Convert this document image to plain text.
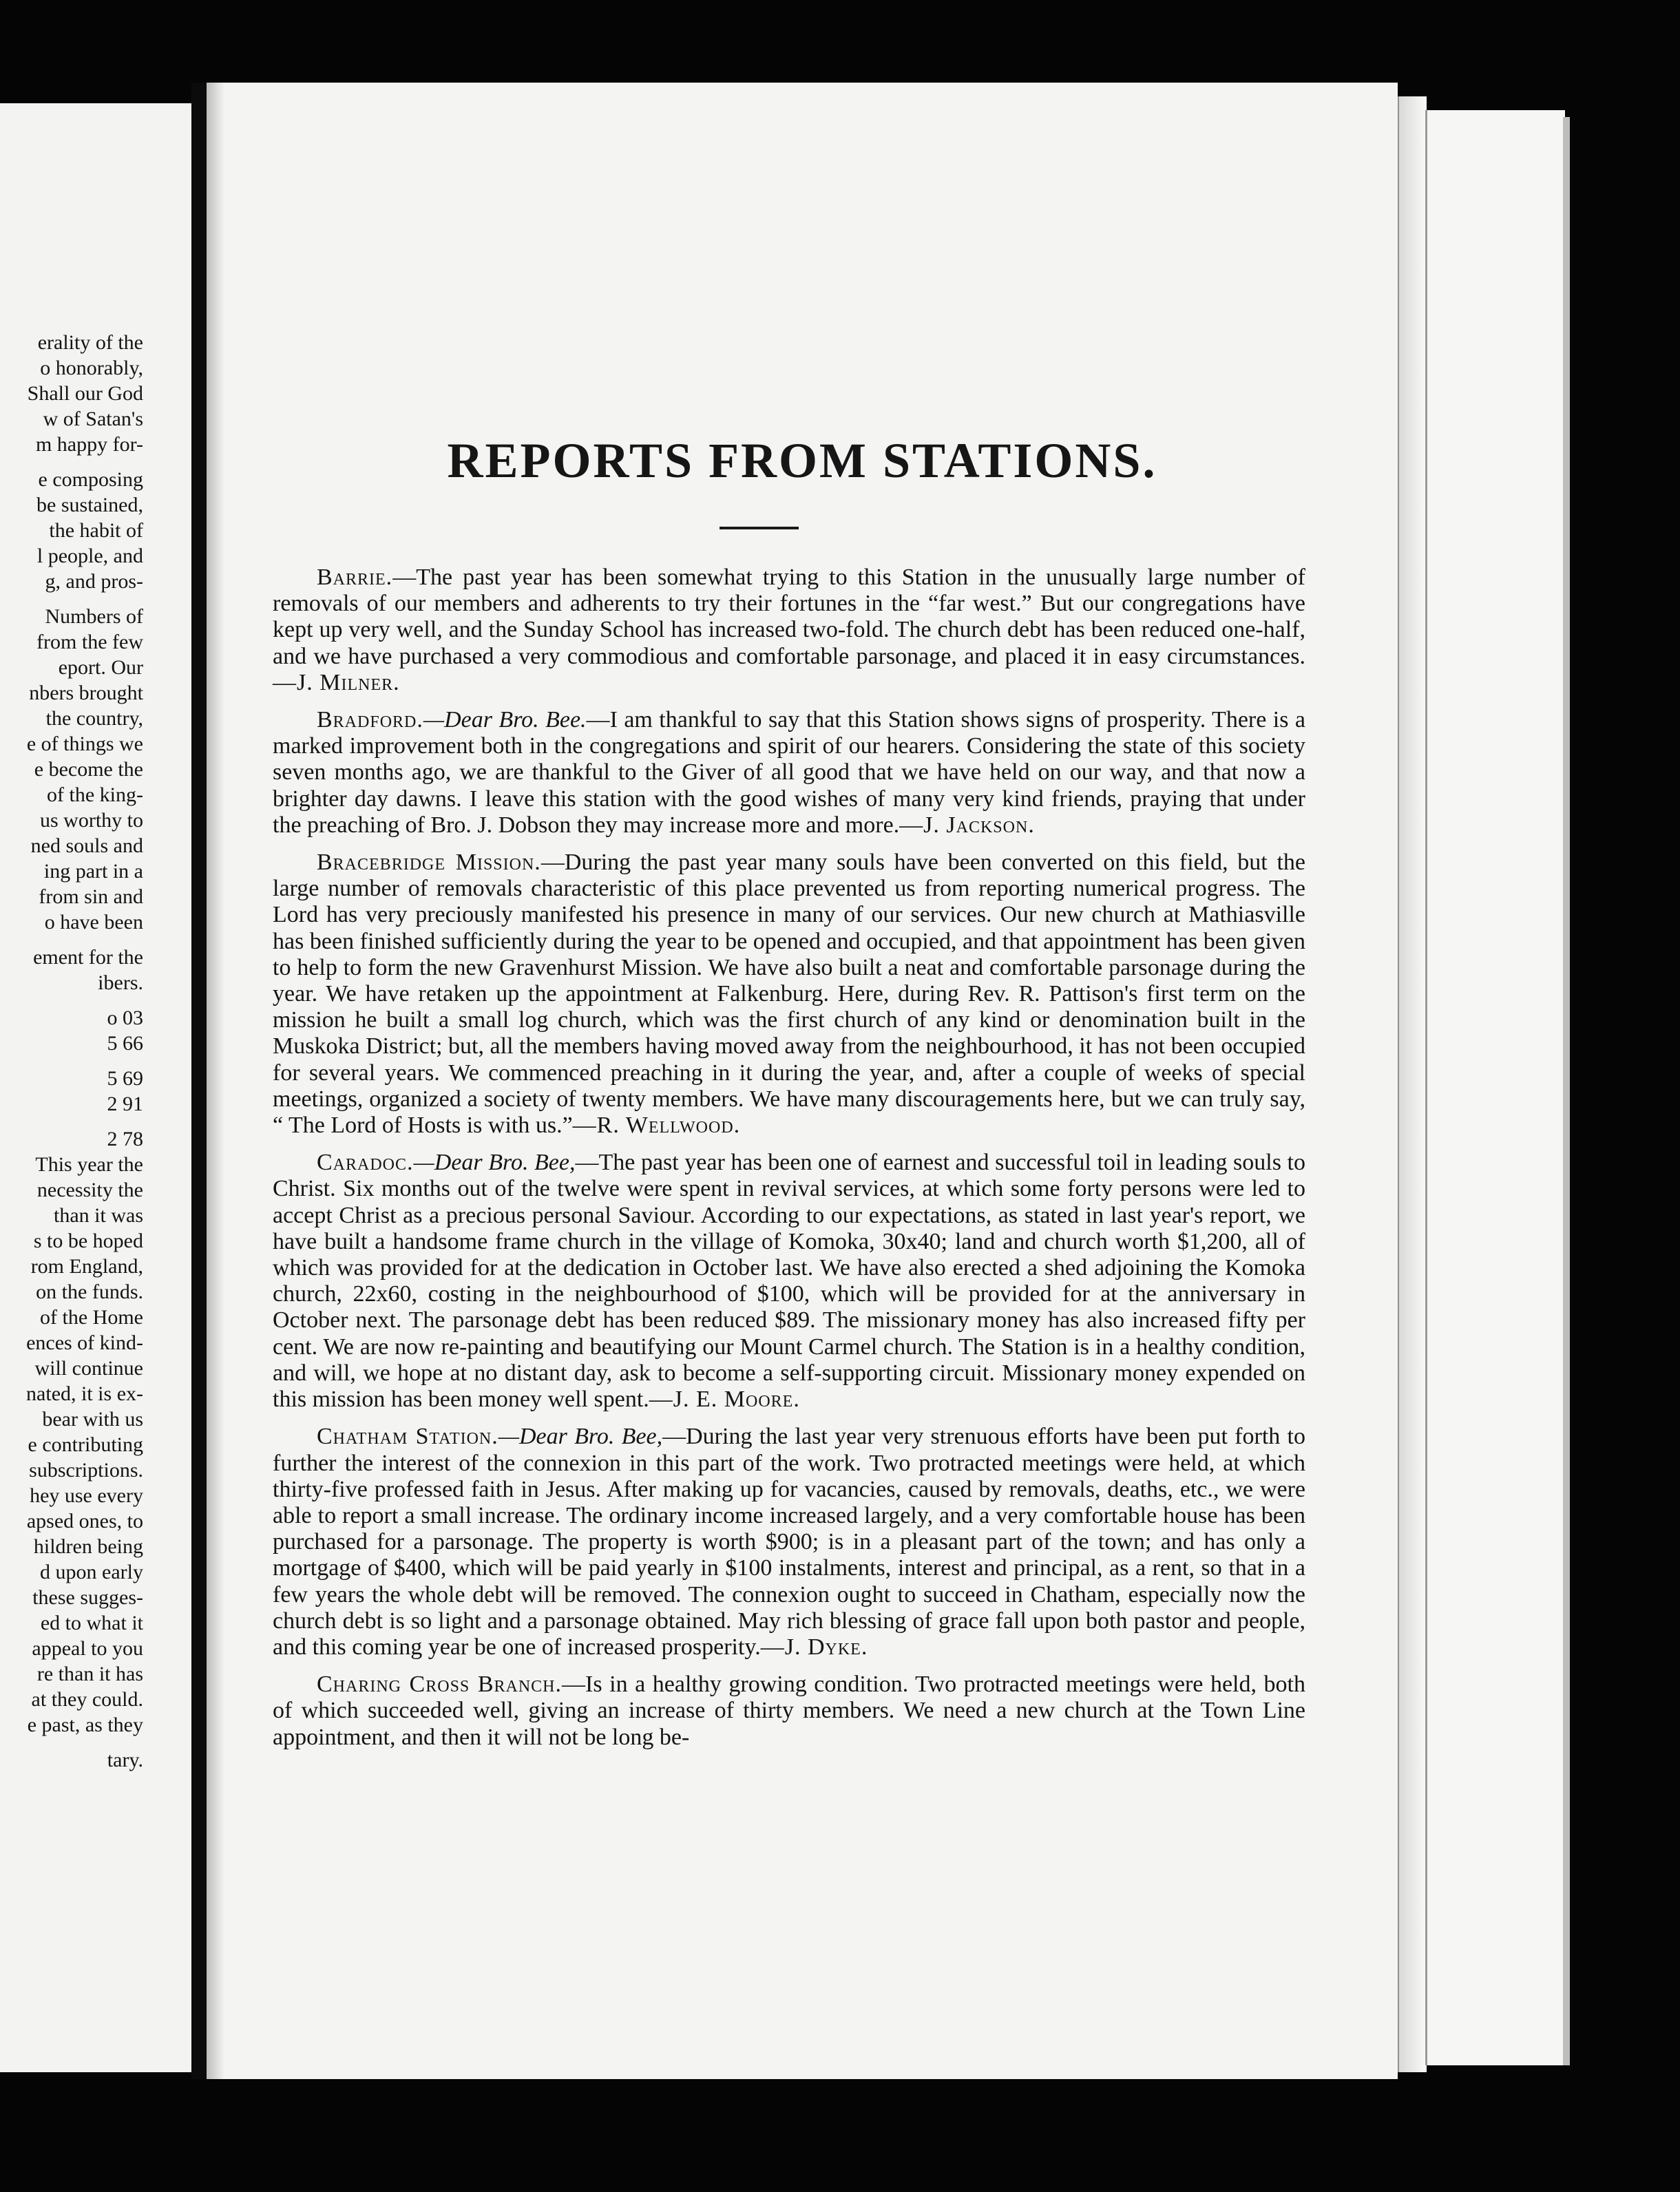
erality of the
o honorably,
Shall our God
w of Satan's
m happy for-
e composing
be sustained,
the habit of
l people, and
g, and pros-
Numbers of
from the few
eport. Our
nbers brought
the country,
e of things we
e become the
of the king-
us worthy to
ned souls and
ing part in a
from sin and
o have been
ement for the
ibers.
o 03
5 66
5 69
2 91
2 78
This year the
necessity the
than it was
s to be hoped
rom England,
on the funds.
of the Home
ences of kind-
will continue
nated, it is ex-
bear with us
e contributing
subscriptions.
hey use every
apsed ones, to
hildren being
d upon early
these sugges-
ed to what it
appeal to you
re than it has
at they could.
e past, as they
tary.
REPORTS FROM STATIONS.

Barrie.—The past year has been somewhat trying to this Station in the unusually large number of removals of our members and adherents to try their fortunes in the “far west.” But our congregations have kept up very well, and the Sunday School has increased two-fold. The church debt has been reduced one-half, and we have purchased a very commodious and comfortable parsonage, and placed it in easy circumstances.—J. Milner.

Bradford.—Dear Bro. Bee.—I am thankful to say that this Station shows signs of prosperity. There is a marked improvement both in the congregations and spirit of our hearers. Considering the state of this society seven months ago, we are thankful to the Giver of all good that we have held on our way, and that now a brighter day dawns. I leave this station with the good wishes of many very kind friends, praying that under the preaching of Bro. J. Dobson they may increase more and more.—J. Jackson.

Bracebridge Mission.—During the past year many souls have been converted on this field, but the large number of removals characteristic of this place prevented us from reporting numerical progress. The Lord has very preciously manifested his presence in many of our services. Our new church at Mathiasville has been finished sufficiently during the year to be opened and occupied, and that appointment has been given to help to form the new Gravenhurst Mission. We have also built a neat and comfortable parsonage during the year. We have retaken up the appointment at Falkenburg. Here, during Rev. R. Pattison's first term on the mission he built a small log church, which was the first church of any kind or denomination built in the Muskoka District; but, all the members having moved away from the neighbourhood, it has not been occupied for several years. We commenced preaching in it during the year, and, after a couple of weeks of special meetings, organized a society of twenty members. We have many discouragements here, but we can truly say, “ The Lord of Hosts is with us.”—R. Wellwood.

Caradoc.—Dear Bro. Bee,—The past year has been one of earnest and successful toil in leading souls to Christ. Six months out of the twelve were spent in revival services, at which some forty persons were led to accept Christ as a precious personal Saviour. According to our expectations, as stated in last year's report, we have built a handsome frame church in the village of Komoka, 30x40; land and church worth $1,200, all of which was provided for at the dedication in October last. We have also erected a shed adjoining the Komoka church, 22x60, costing in the neighbourhood of $100, which will be provided for at the anniversary in October next. The parsonage debt has been reduced $89. The missionary money has also increased fifty per cent. We are now re-painting and beautifying our Mount Carmel church. The Station is in a healthy condition, and will, we hope at no distant day, ask to become a self-supporting circuit. Missionary money expended on this mission has been money well spent.—J. E. Moore.

Chatham Station.—Dear Bro. Bee,—During the last year very strenuous efforts have been put forth to further the interest of the connexion in this part of the work. Two protracted meetings were held, at which thirty-five professed faith in Jesus. After making up for vacancies, caused by removals, deaths, etc., we were able to report a small increase. The ordinary income increased largely, and a very comfortable house has been purchased for a parsonage. The property is worth $900; is in a pleasant part of the town; and has only a mortgage of $400, which will be paid yearly in $100 instalments, interest and principal, as a rent, so that in a few years the whole debt will be removed. The connexion ought to succeed in Chatham, especially now the church debt is so light and a parsonage obtained. May rich blessing of grace fall upon both pastor and people, and this coming year be one of increased prosperity.—J. Dyke.

Charing Cross Branch.—Is in a healthy growing condition. Two protracted meetings were held, both of which succeeded well, giving an increase of thirty members. We need a new church at the Town Line appointment, and then it will not be long be-
